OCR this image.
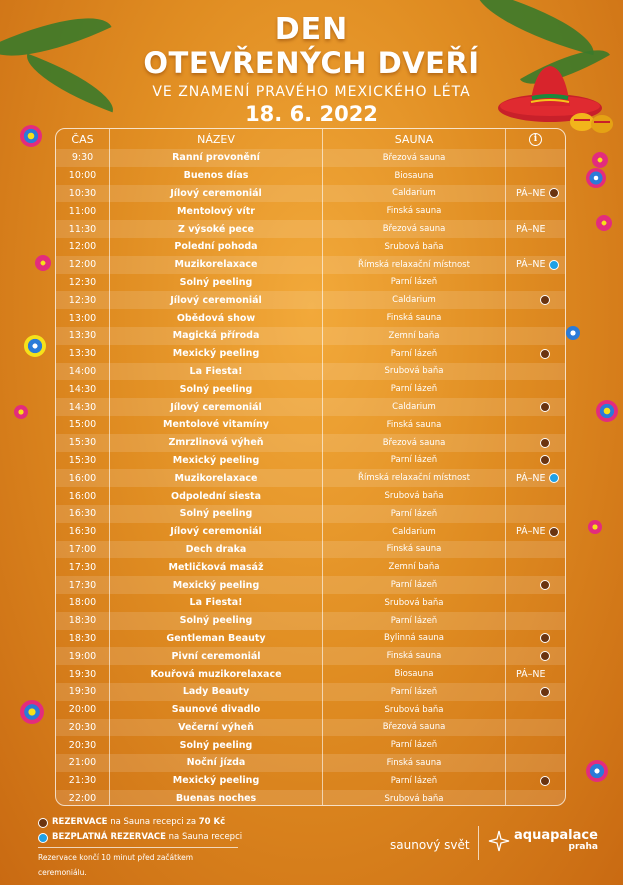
DEN
OTEVŘENÝCH DVEŘÍ
VE ZNAMENÍ PRAVÉHO MEXICKÉHO LÉTA
18. 6. 2022
ČAS	NÁZEV	SAUNA	i
9:30	Ranní provonění	Březová sauna
10:00	Buenos días	Biosauna
10:30	Jílový ceremoniál	Caldarium	PÁ–NE
11:00	Mentolový vítr	Finská sauna
11:30	Z výsoké pece	Březová sauna	PÁ–NE
12:00	Polední pohoda	Srubová baňa
12:00	Muzikorelaxace	Římská relaxační místnost	PÁ–NE
12:30	Solný peeling	Parní lázeň
12:30	Jílový ceremoniál	Caldarium
13:00	Obědová show	Finská sauna
13:30	Magická příroda	Zemní baňa
13:30	Mexický peeling	Parní lázeň
14:00	La Fiesta!	Srubová baňa
14:30	Solný peeling	Parní lázeň
14:30	Jílový ceremoniál	Caldarium
15:00	Mentolové vitamíny	Finská sauna
15:30	Zmrzlinová výheň	Březová sauna
15:30	Mexický peeling	Parní lázeň
16:00	Muzikorelaxace	Římská relaxační místnost	PÁ–NE
16:00	Odpolední siesta	Srubová baňa
16:30	Solný peeling	Parní lázeň
16:30	Jílový ceremoniál	Caldarium	PÁ–NE
17:00	Dech draka	Finská sauna
17:30	Metličková masáž	Zemní baňa
17:30	Mexický peeling	Parní lázeň
18:00	La Fiesta!	Srubová baňa
18:30	Solný peeling	Parní lázeň
18:30	Gentleman Beauty	Bylinná sauna
19:00	Pivní ceremoniál	Finská sauna
19:30	Kouřová muzikorelaxace	Biosauna	PÁ–NE
19:30	Lady Beauty	Parní lázeň
20:00	Saunové divadlo	Srubová baňa
20:30	Večerní výheň	Březová sauna
20:30	Solný peeling	Parní lázeň
21:00	Noční jízda	Finská sauna
21:30	Mexický peeling	Parní lázeň
22:00	Buenas noches	Srubová baňa
REZERVACE na Sauna recepci za 70 Kč
BEZPLATNÁ REZERVACE na Sauna recepci
Rezervace končí 10 minut před začátkem ceremoniálu.
saunový svět
aquapalace
praha
